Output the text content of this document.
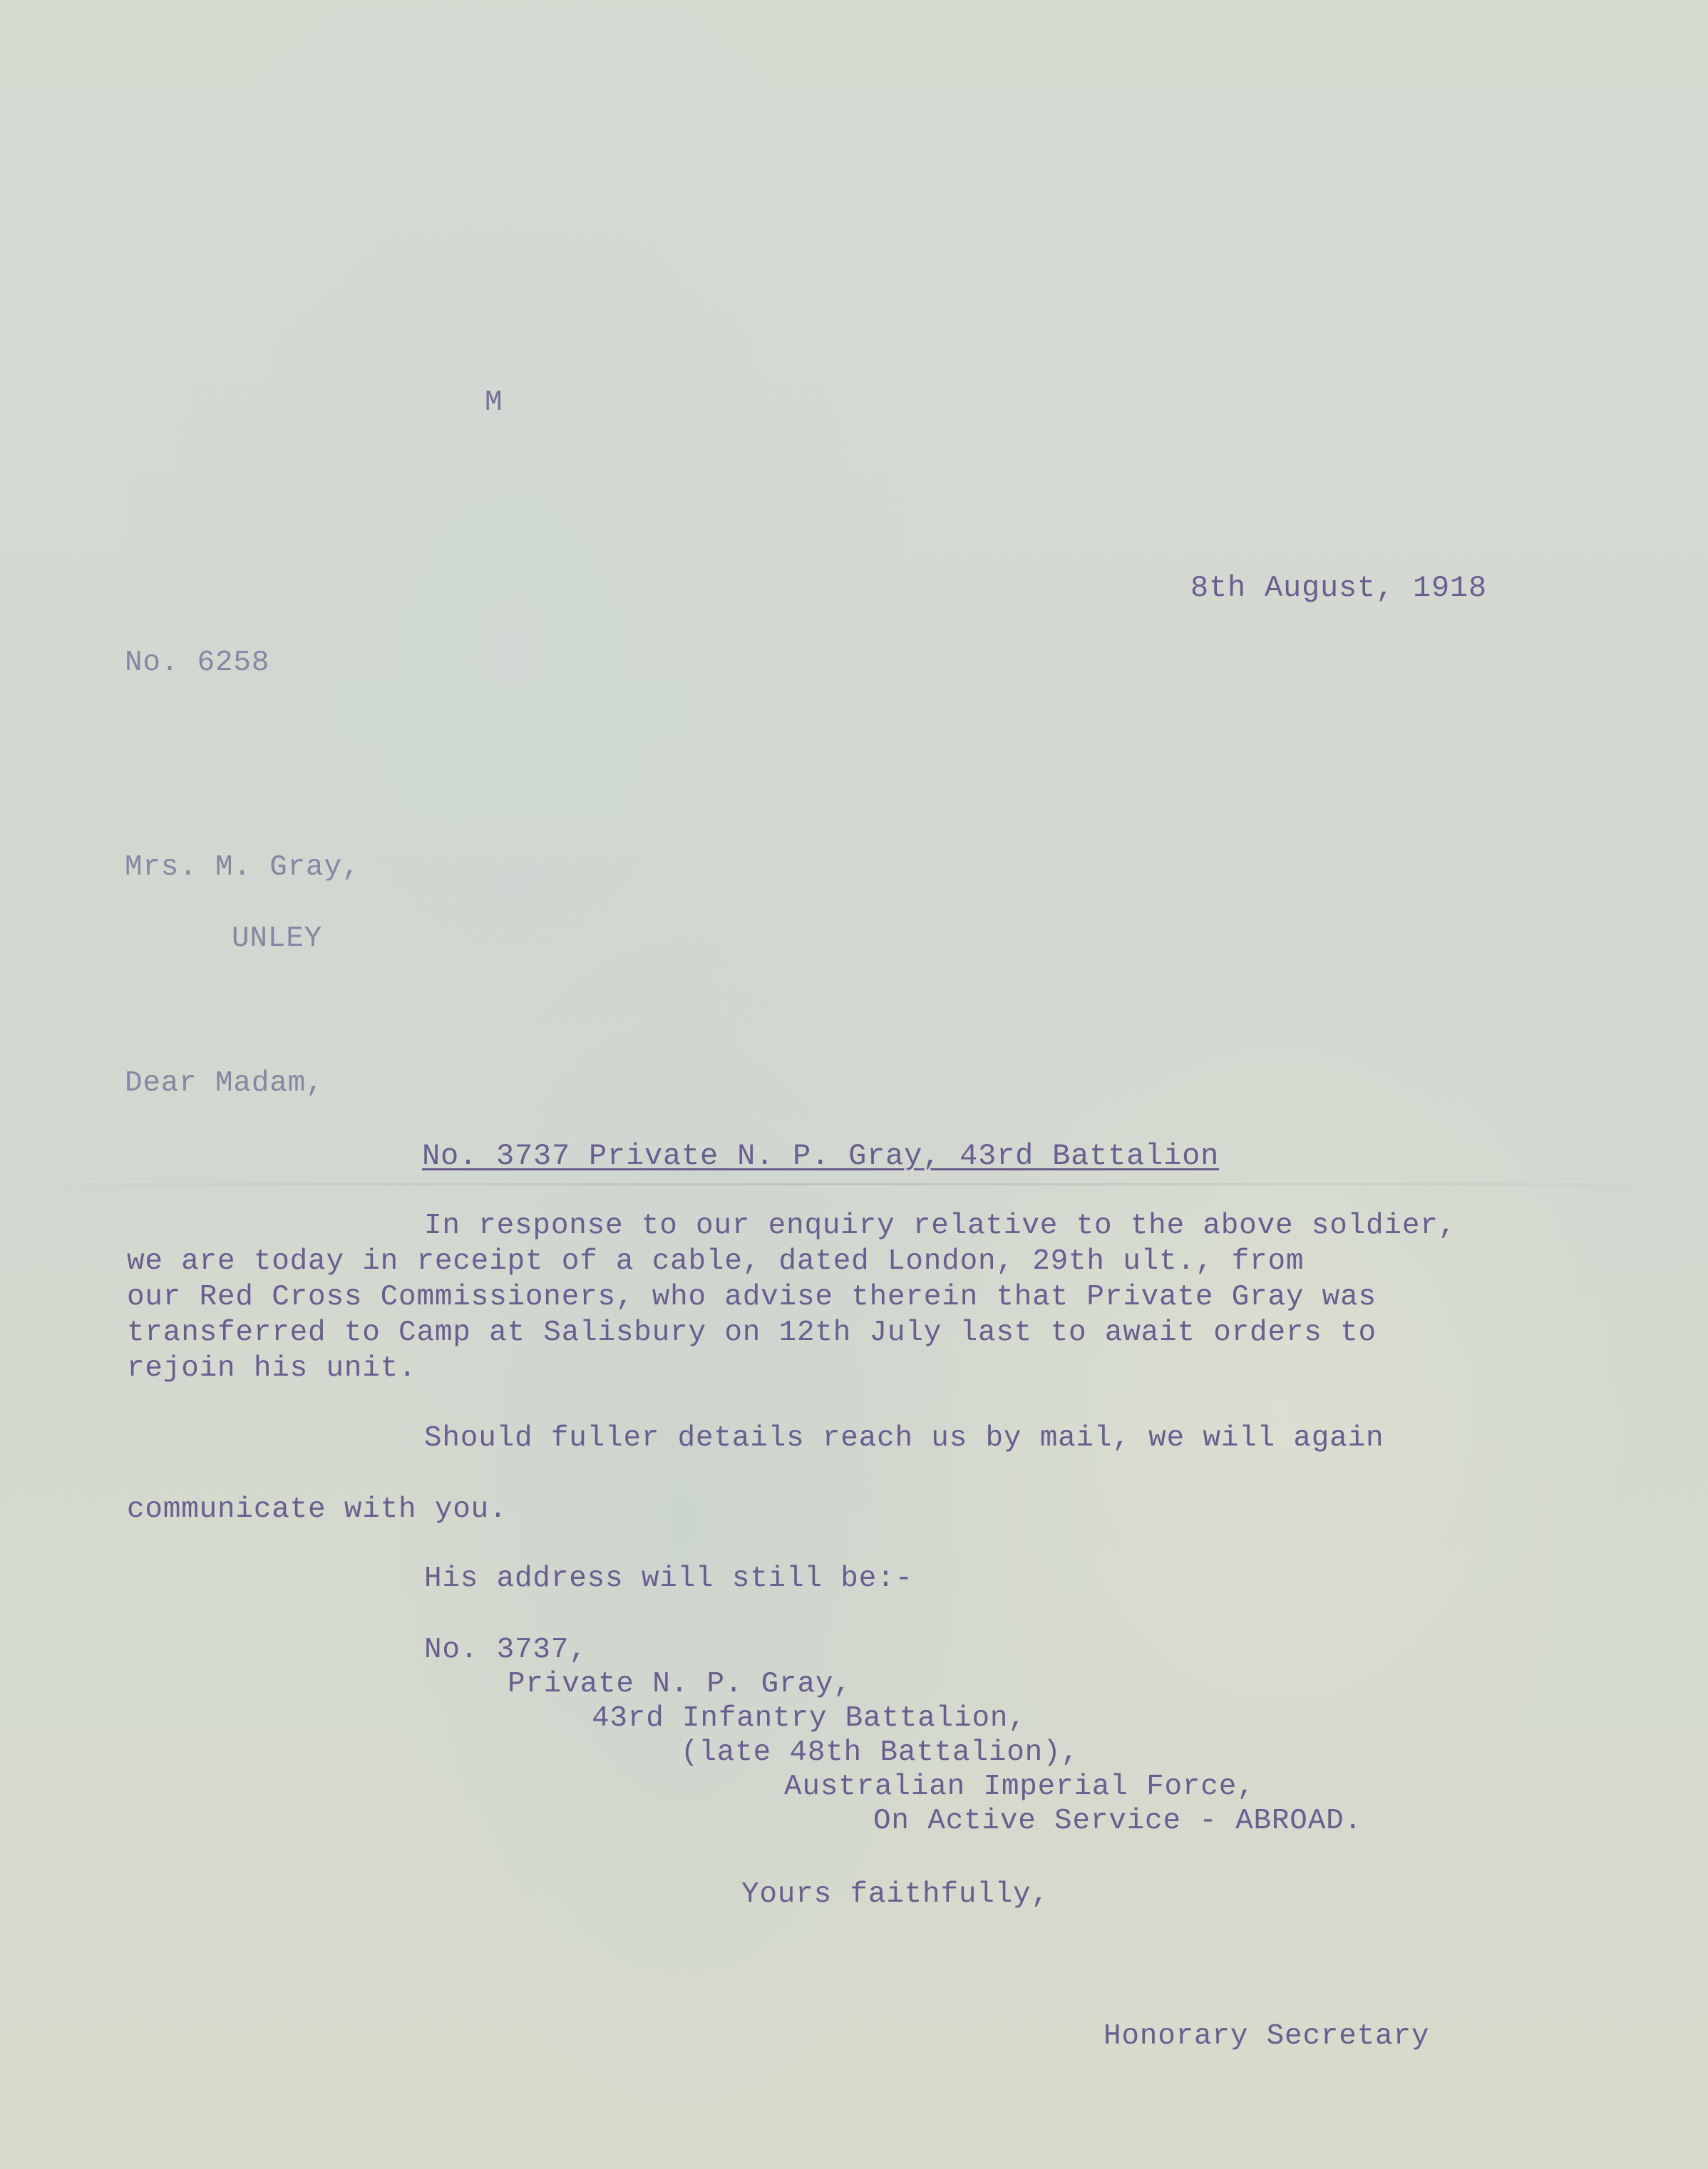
M
8th August, 1918
No. 6258
Mrs. M. Gray,
UNLEY
Dear Madam,
No. 3737 Private N. P. Gray, 43rd Battalion
In response to our enquiry relative to the above soldier,
we are today in receipt of a cable, dated London, 29th ult., from
our Red Cross Commissioners, who advise therein that Private Gray was
transferred to Camp at Salisbury on 12th July last to await orders to
rejoin his unit.
Should fuller details reach us by mail, we will again
communicate with you.
His address will still be:-
No. 3737,
Private N. P. Gray,
43rd Infantry Battalion,
(late 48th Battalion),
Australian Imperial Force,
On Active Service - ABROAD.
Yours faithfully,
Honorary Secretary
